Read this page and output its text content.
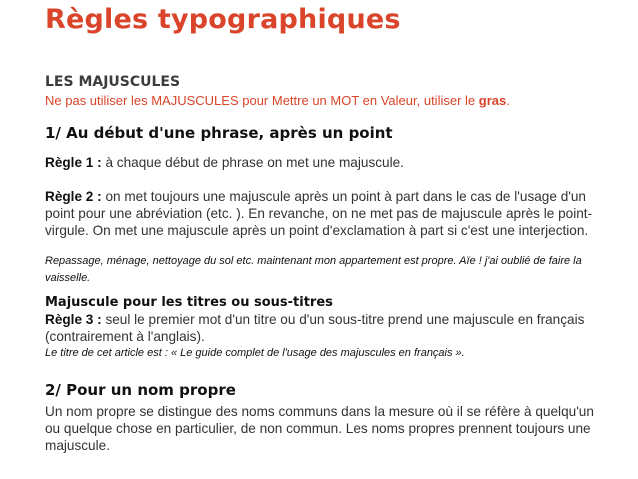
Règles typographiques
LES MAJUSCULES
Ne pas utiliser les MAJUSCULES pour Mettre un MOT en Valeur, utiliser le gras.
1/ Au début d'une phrase, après un point
Règle 1 : à chaque début de phrase on met une majuscule.
Règle 2 : on met toujours une majuscule après un point à part dans le cas de l'usage d'un point pour une abréviation (etc. ). En revanche, on ne met pas de majuscule après le point-virgule. On met une majuscule après un point d'exclamation à part si c'est une interjection.
Repassage, ménage, nettoyage du sol etc. maintenant mon appartement est propre. Aïe ! j'ai oublié de faire la vaisselle.
Majuscule pour les titres ou sous-titres
Règle 3 : seul le premier mot d'un titre ou d'un sous-titre prend une majuscule en français (contrairement à l'anglais).
Le titre de cet article est : « Le guide complet de l'usage des majuscules en français ».
2/ Pour un nom propre
Un nom propre se distingue des noms communs dans la mesure où il se réfère à quelqu'un ou quelque chose en particulier, de non commun. Les noms propres prennent toujours une majuscule.
